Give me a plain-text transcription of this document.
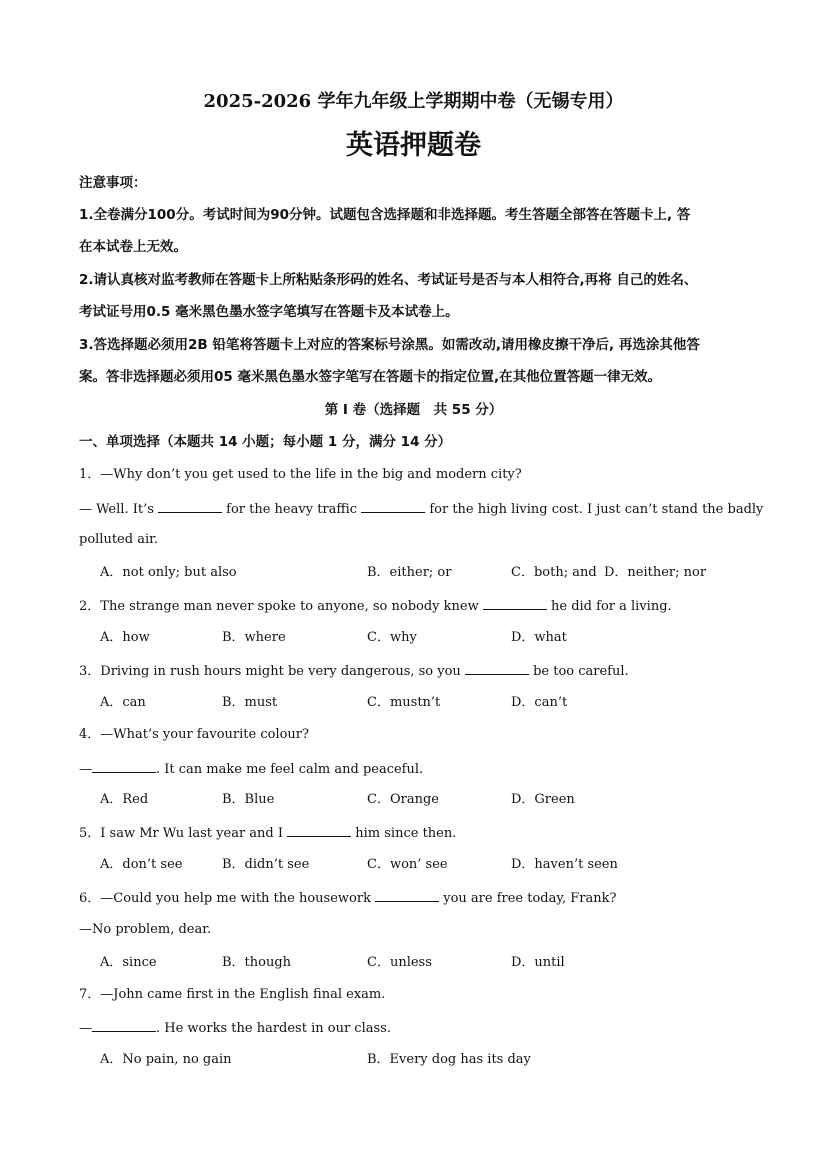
2025-2026 学年九年级上学期期中卷（无锡专用）
英语押题卷
注意事项：
1.全卷满分100分。考试时间为90分钟。试题包含选择题和非选择题。考生答题全部答在答题卡上, 答
在本试卷上无效。
2.请认真核对监考教师在答题卡上所粘贴条形码的姓名、考试证号是否与本人相符合,再将 自己的姓名、
考试证号用0.5 毫米黑色墨水签字笔填写在答题卡及本试卷上。
3.答选择题必须用2B 铅笔将答题卡上对应的答案标号涂黑。如需改动,请用橡皮擦干净后, 再选涂其他答
案。答非选择题必须用05 毫米黑色墨水签字笔写在答题卡的指定位置,在其他位置答题一律无效。
第 I 卷（选择题　共 55 分）
一、单项选择（本题共 14 小题；每小题 1 分，满分 14 分）
1．—Why don’t you get used to the life in the big and modern city?
— Well. It’s	for the heavy traffic	for the high living cost. I just can’t stand the badly
polluted air.
A．not only; but also	B．either; or	C．both; and D．neither; nor
2．The strange man never spoke to anyone, so nobody knew	he did for a living.
A．how	B．where	C．why	D．what
3．Driving in rush hours might be very dangerous, so you	be too careful.
A．can	B．must	C．mustn’t	D．can’t
4．—What’s your favourite colour?
—	. It can make me feel calm and peaceful.
A．Red	B．Blue	C．Orange	D．Green
5．I saw Mr Wu last year and I	him since then.
A．don’t see	B．didn’t see	C．won’ see	D．haven’t seen
6．—Could you help me with the housework	you are free today, Frank?
—No problem, dear.
A．since	B．though	C．unless	D．until
7．—John came first in the English final exam.
—	. He works the hardest in our class.
A．No pain, no gain	B．Every dog has its day
